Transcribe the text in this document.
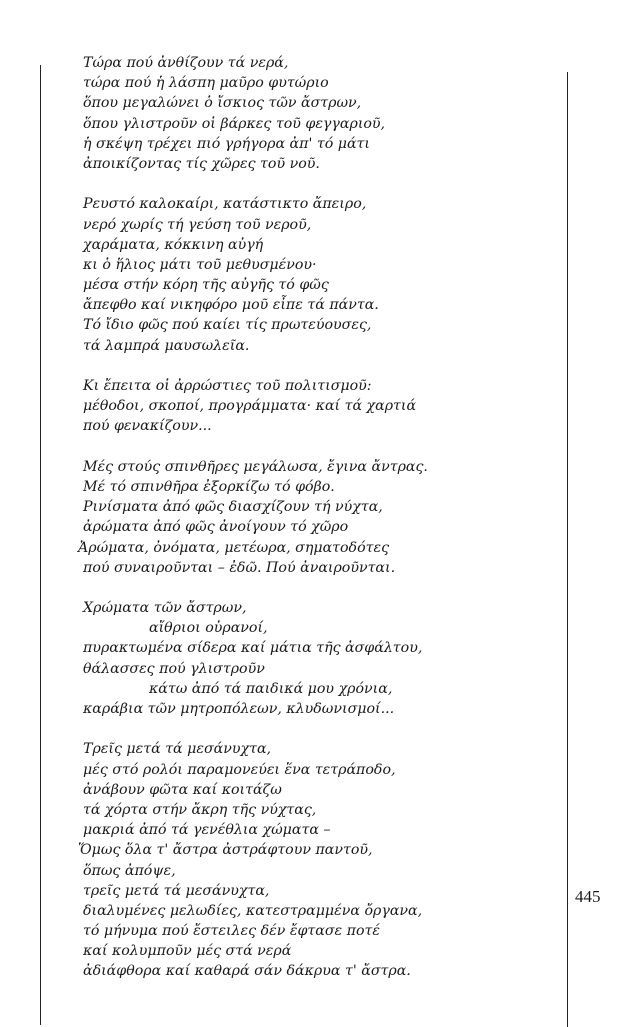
Τώρα πού ἀνθίζουν τά νερά,
τώρα πού ἡ λάσπη μαῦρο φυτώριο
ὅπου μεγαλώνει ὁ ἴσκιος τῶν ἄστρων,
ὅπου γλιστροῦν οἱ βάρκες τοῦ φεγγαριοῦ,
ἡ σκέψη τρέχει πιό γρήγορα ἀπ' τό μάτι
ἀποικίζοντας τίς χῶρες τοῦ νοῦ.
Ρευστό καλοκαίρι, κατάστικτο ἄπειρο,
νερό χωρίς τή γεύση τοῦ νεροῦ,
χαράματα, κόκκινη αὐγή
κι ὁ ἥλιος μάτι τοῦ μεθυσμένου·
μέσα στήν κόρη τῆς αὐγῆς τό φῶς
ἄπεφθο καί νικηφόρο μοῦ εἶπε τά πάντα.
Τό ἴδιο φῶς πού καίει τίς πρωτεύουσες,
τά λαμπρά μαυσωλεῖα.
Κι ἔπειτα οἱ ἀρρώστιες τοῦ πολιτισμοῦ:
μέθοδοι, σκοποί, προγράμματα· καί τά χαρτιά
πού φενακίζουν...
Μές στούς σπινθῆρες μεγάλωσα, ἔγινα ἄντρας.
Μέ τό σπινθῆρα ἐξορκίζω τό φόβο.
Ρινίσματα ἀπό φῶς διασχίζουν τή νύχτα,
ἀρώματα ἀπό φῶς ἀνοίγουν τό χῶρο
Ἀρώματα, ὀνόματα, μετέωρα, σηματοδότες
πού συναιροῦνται – ἐδῶ. Πού ἀναιροῦνται.
Χρώματα τῶν ἄστρων,
αἴθριοι οὐρανοί,
πυρακτωμένα σίδερα καί μάτια τῆς ἀσφάλτου,
θάλασσες πού γλιστροῦν
κάτω ἀπό τά παιδικά μου χρόνια,
καράβια τῶν μητροπόλεων, κλυδωνισμοί...
Τρεῖς μετά τά μεσάνυχτα,
μές στό ρολόι παραμονεύει ἕνα τετράποδο,
ἀνάβουν φῶτα καί κοιτάζω
τά χόρτα στήν ἄκρη τῆς νύχτας,
μακριά ἀπό τά γενέθλια χώματα –
Ὅμως ὅλα τ' ἄστρα ἀστράφτουν παντοῦ,
ὅπως ἀπόψε,
τρεῖς μετά τά μεσάνυχτα,
διαλυμένες μελωδίες, κατεστραμμένα ὄργανα,
τό μήνυμα πού ἔστειλες δέν ἔφτασε ποτέ
καί κολυμποῦν μές στά νερά
ἀδιάφθορα καί καθαρά σάν δάκρυα τ' ἄστρα.
445
